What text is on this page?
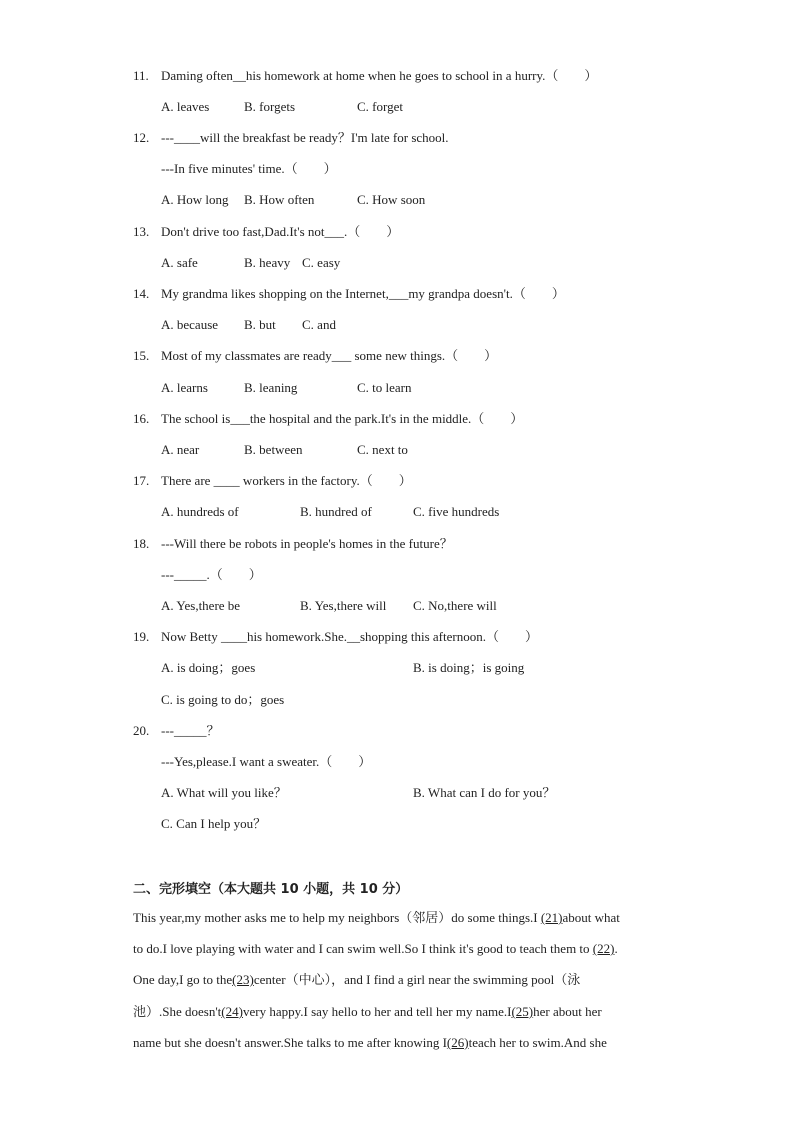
11. Daming often__his homework at home when he goes to school in a hurry.（　　）
A. leaves	B. forgets	C. forget
12. ---____will the breakfast be ready？I'm late for school.
---In five minutes' time.（　　）
A. How long B. How often	C. How soon
13. Don't drive too fast,Dad.It's not___.（　　）
A. safe	B. heavy C. easy
14. My grandma likes shopping on the Internet,___my grandpa doesn't.（　　）
A. because B. but C. and
15. Most of my classmates are ready___ some new things.（　　）
A. learns	B. leaning	C. to learn
16. The school is___the hospital and the park.It's in the middle.（　　）
A. near	B. between	C. next to
17. There are ____ workers in the factory.（　　）
A. hundreds of	B. hundred of	C. five hundreds
18. ---Will there be robots in people's homes in the future？
---_____.（　　）
A. Yes,there be	B. Yes,there will C. No,there will
19. Now Betty ____his homework.She.__shopping this afternoon.（　　）
A. is doing；goes	B. is doing；is going
C. is going to do；goes
20. ---_____？
---Yes,please.I want a sweater.（　　）
A. What will you like？	B. What can I do for you？
C. Can I help you？
二、完形填空（本大题共 10 小题，共 10 分）
This year,my mother asks me to help my neighbors（邻居）do some things.I (21)about what
to do.I love playing with water and I can swim well.So I think it's good to teach them to (22).
One day,I go to the(23)center（中心），and I find a girl near the swimming pool（泳
池）.She doesn't(24)very happy.I say hello to her and tell her my name.I(25)her about her
name but she doesn't answer.She talks to me after knowing I(26)teach her to swim.And she
